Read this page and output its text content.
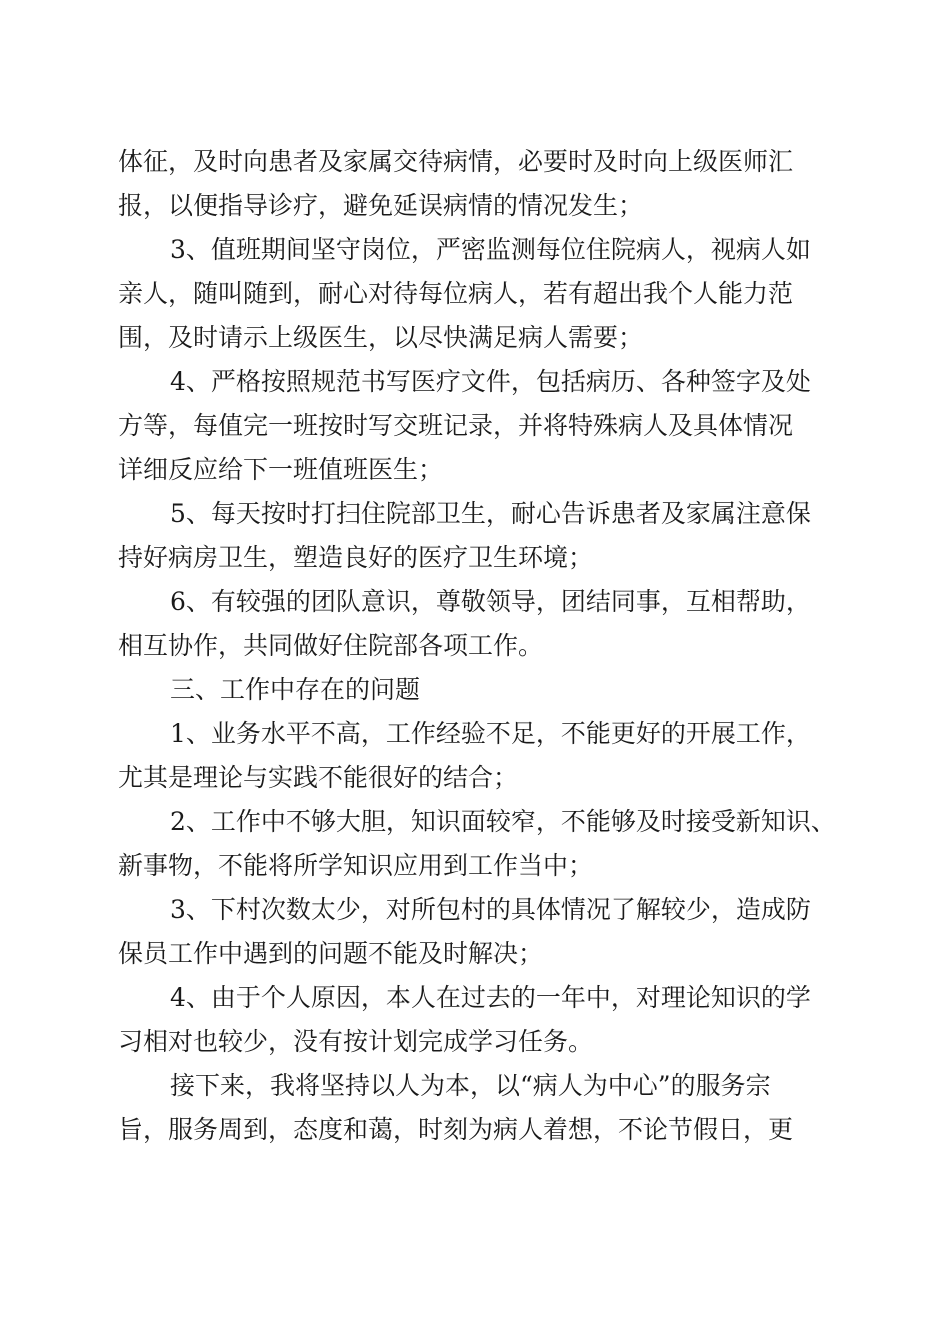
体征，及时向患者及家属交待病情，必要时及时向上级医师汇
报，以便指导诊疗，避免延误病情的情况发生；
3、值班期间坚守岗位，严密监测每位住院病人，视病人如
亲人，随叫随到，耐心对待每位病人，若有超出我个人能力范
围，及时请示上级医生，以尽快满足病人需要；
4、严格按照规范书写医疗文件，包括病历、各种签字及处
方等，每值完一班按时写交班记录，并将特殊病人及具体情况
详细反应给下一班值班医生；
5、每天按时打扫住院部卫生，耐心告诉患者及家属注意保
持好病房卫生，塑造良好的医疗卫生环境；
6、有较强的团队意识，尊敬领导，团结同事，互相帮助，
相互协作，共同做好住院部各项工作。
三、工作中存在的问题
1、业务水平不高，工作经验不足，不能更好的开展工作，
尤其是理论与实践不能很好的结合；
2、工作中不够大胆，知识面较窄，不能够及时接受新知识、
新事物，不能将所学知识应用到工作当中；
3、下村次数太少，对所包村的具体情况了解较少，造成防
保员工作中遇到的问题不能及时解决；
4、由于个人原因，本人在过去的一年中，对理论知识的学
习相对也较少，没有按计划完成学习任务。
接下来，我将坚持以人为本，以“病人为中心”的服务宗
旨，服务周到，态度和蔼，时刻为病人着想，不论节假日，更
